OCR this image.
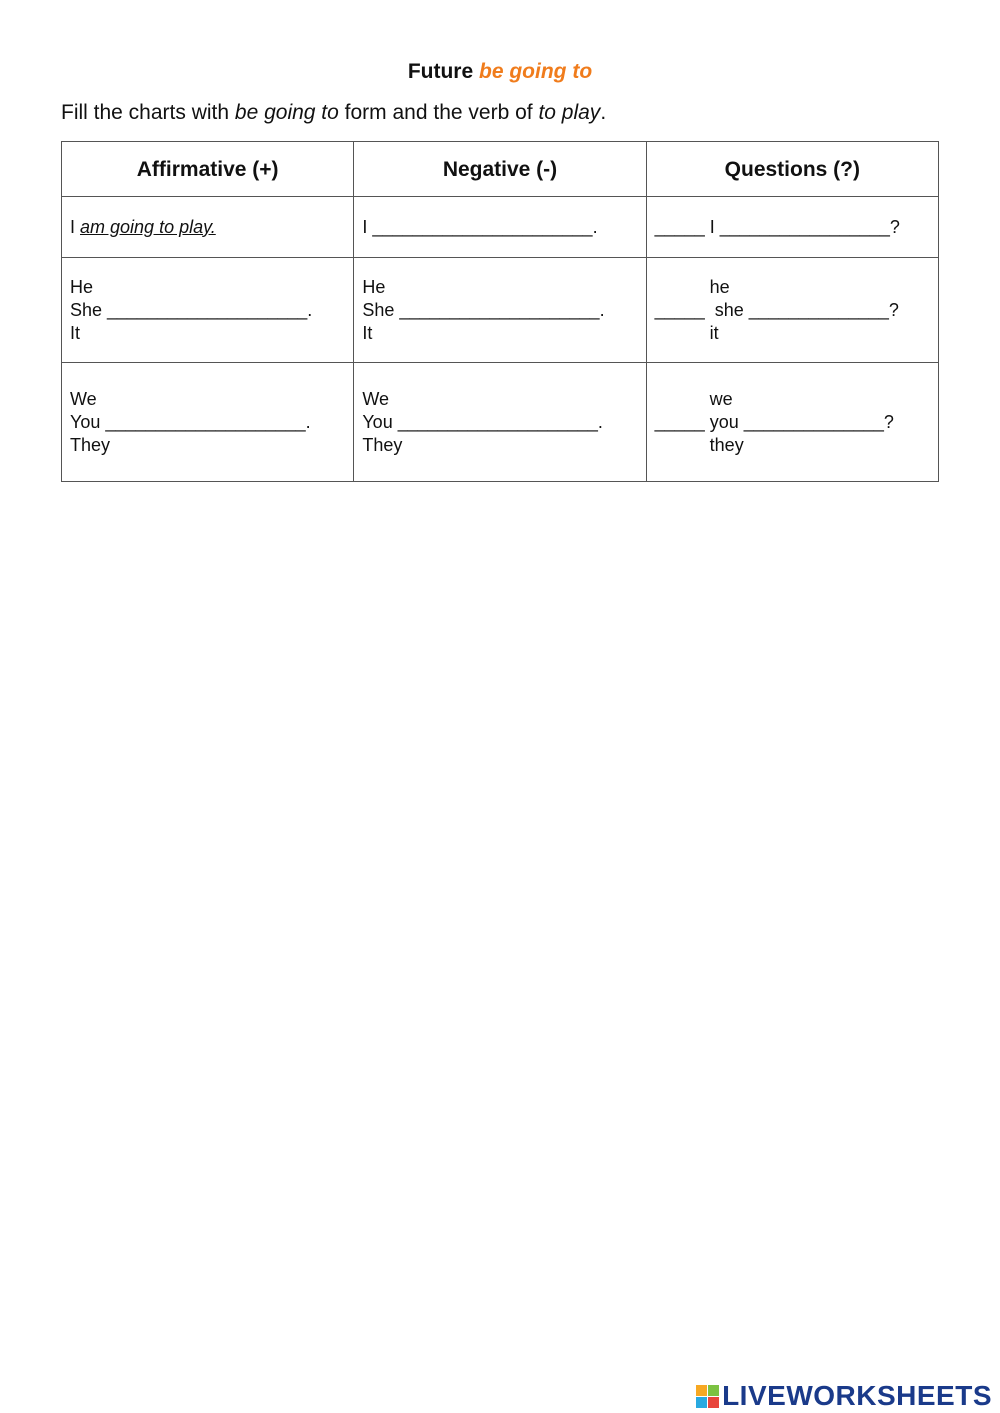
Future be going to
Fill the charts with be going to form and the verb of to play.
Affirmative (+)	Negative (-)	Questions (?)
I am going to play.	I ______________________.	_____ I _________________?

He
She ____________________.
It	He
She ____________________.
It	he
_____  she ______________?
it

We
You ____________________.
They	We
You ____________________.
They	we
_____ you ______________?
they
LIVEWORKSHEETS
